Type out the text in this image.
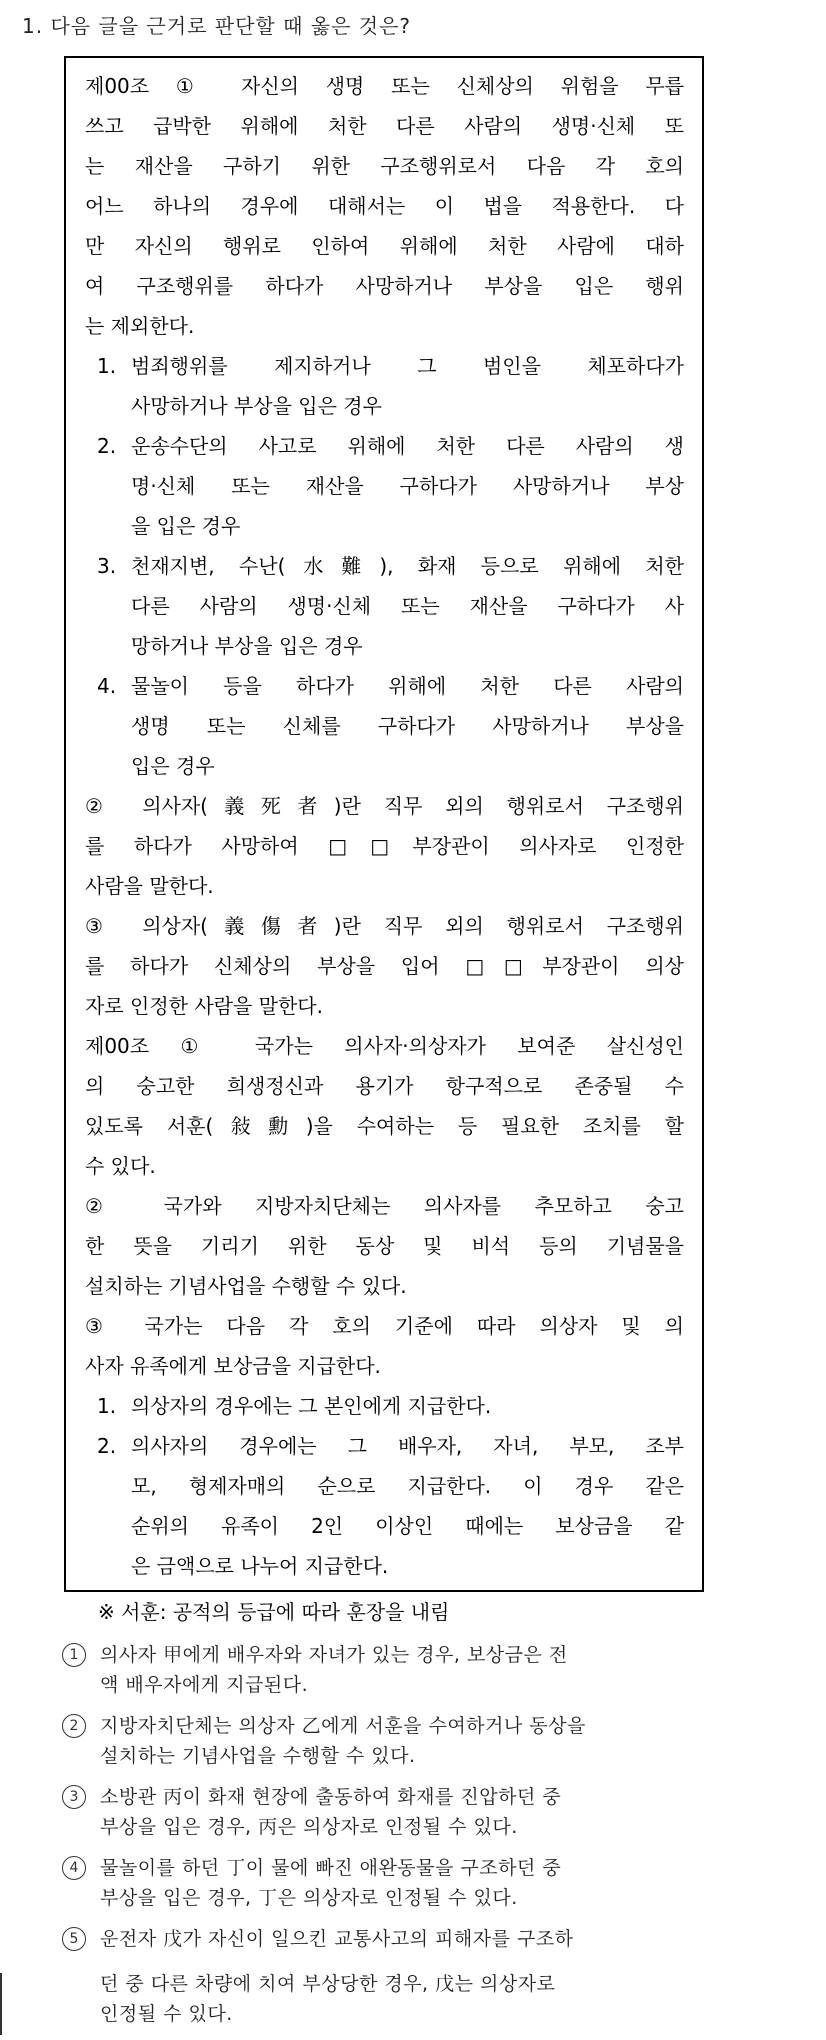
1. 다음 글을 근거로 판단할 때 옳은 것은?
제00조 ① 자신의 생명 또는 신체상의 위험을 무릅
쓰고 급박한 위해에 처한 다른 사람의 생명·신체 또
는 재산을 구하기 위한 구조행위로서 다음 각 호의
어느 하나의 경우에 대해서는 이 법을 적용한다. 다
만 자신의 행위로 인하여 위해에 처한 사람에 대하
여 구조행위를 하다가 사망하거나 부상을 입은 행위
는 제외한다.
1. 범죄행위를 제지하거나 그 범인을 체포하다가
사망하거나 부상을 입은 경우
2. 운송수단의 사고로 위해에 처한 다른 사람의 생
명·신체 또는 재산을 구하다가 사망하거나 부상
을 입은 경우
3. 천재지변, 수난(水難), 화재 등으로 위해에 처한
다른 사람의 생명·신체 또는 재산을 구하다가 사
망하거나 부상을 입은 경우
4. 물놀이 등을 하다가 위해에 처한 다른 사람의
생명 또는 신체를 구하다가 사망하거나 부상을
입은 경우
② 의사자(義死者)란 직무 외의 행위로서 구조행위
를 하다가 사망하여 □□부장관이 의사자로 인정한
사람을 말한다.
③ 의상자(義傷者)란 직무 외의 행위로서 구조행위
를 하다가 신체상의 부상을 입어 □□부장관이 의상
자로 인정한 사람을 말한다.
제00조 ① 국가는 의사자·의상자가 보여준 살신성인
의 숭고한 희생정신과 용기가 항구적으로 존중될 수
있도록 서훈(敍勳)을 수여하는 등 필요한 조치를 할
수 있다.
② 국가와 지방자치단체는 의사자를 추모하고 숭고
한 뜻을 기리기 위한 동상 및 비석 등의 기념물을
설치하는 기념사업을 수행할 수 있다.
③ 국가는 다음 각 호의 기준에 따라 의상자 및 의
사자 유족에게 보상금을 지급한다.
1. 의상자의 경우에는 그 본인에게 지급한다.
2. 의사자의 경우에는 그 배우자, 자녀, 부모, 조부
모, 형제자매의 순으로 지급한다. 이 경우 같은
순위의 유족이 2인 이상인 때에는 보상금을 같
은 금액으로 나누어 지급한다.
※ 서훈: 공적의 등급에 따라 훈장을 내림
1	의사자 甲에게 배우자와 자녀가 있는 경우, 보상금은 전
액 배우자에게 지급된다.
2	지방자치단체는 의상자 乙에게 서훈을 수여하거나 동상을
설치하는 기념사업을 수행할 수 있다.
3	소방관 丙이 화재 현장에 출동하여 화재를 진압하던 중
부상을 입은 경우, 丙은 의상자로 인정될 수 있다.
4	물놀이를 하던 丁이 물에 빠진 애완동물을 구조하던 중
부상을 입은 경우, 丁은 의상자로 인정될 수 있다.
5	운전자 戊가 자신이 일으킨 교통사고의 피해자를 구조하
던 중 다른 차량에 치여 부상당한 경우, 戊는 의상자로
인정될 수 있다.
